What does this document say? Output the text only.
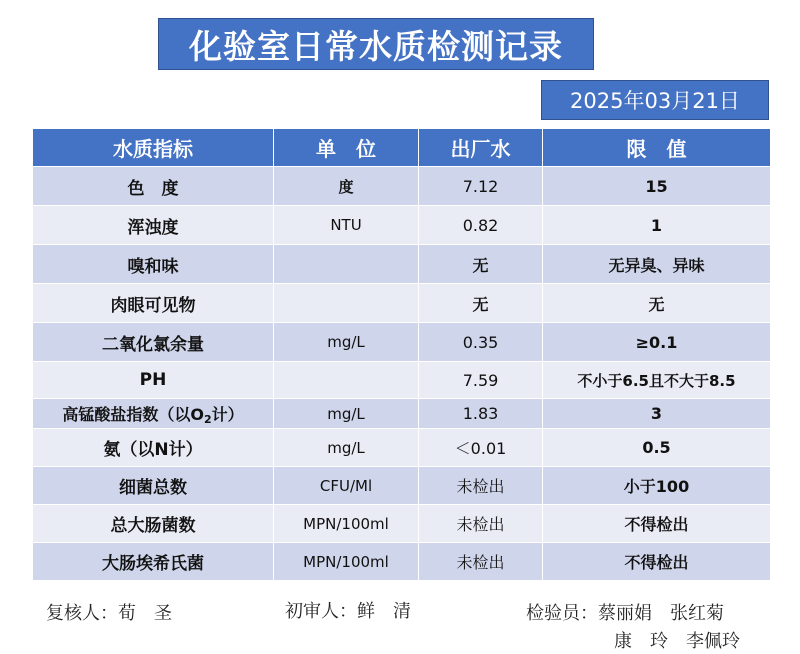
化验室日常水质检测记录
2025年03月21日
水质指标	单　位	出厂水	限　值
色　度	度	7.12	15
浑浊度	NTU	0.82	1
嗅和味		无	无异臭、异味
肉眼可见物		无	无
二氧化氯余量	mg/L	0.35	≥0.1
PH		7.59	不小于6.5且不大于8.5
高锰酸盐指数（以$O_2$计）	mg/L	1.83	3
氨（以N计）	mg/L	＜0.01	0.5
细菌总数	CFU/Ml	未检出	小于100
总大肠菌数	MPN/100ml	未检出	不得检出
大肠埃希氏菌	MPN/100ml	未检出	不得检出
复核人：荀　圣	初审人：鲜　清	检验员：蔡丽娟　张红菊
康　玲　李佩玲
